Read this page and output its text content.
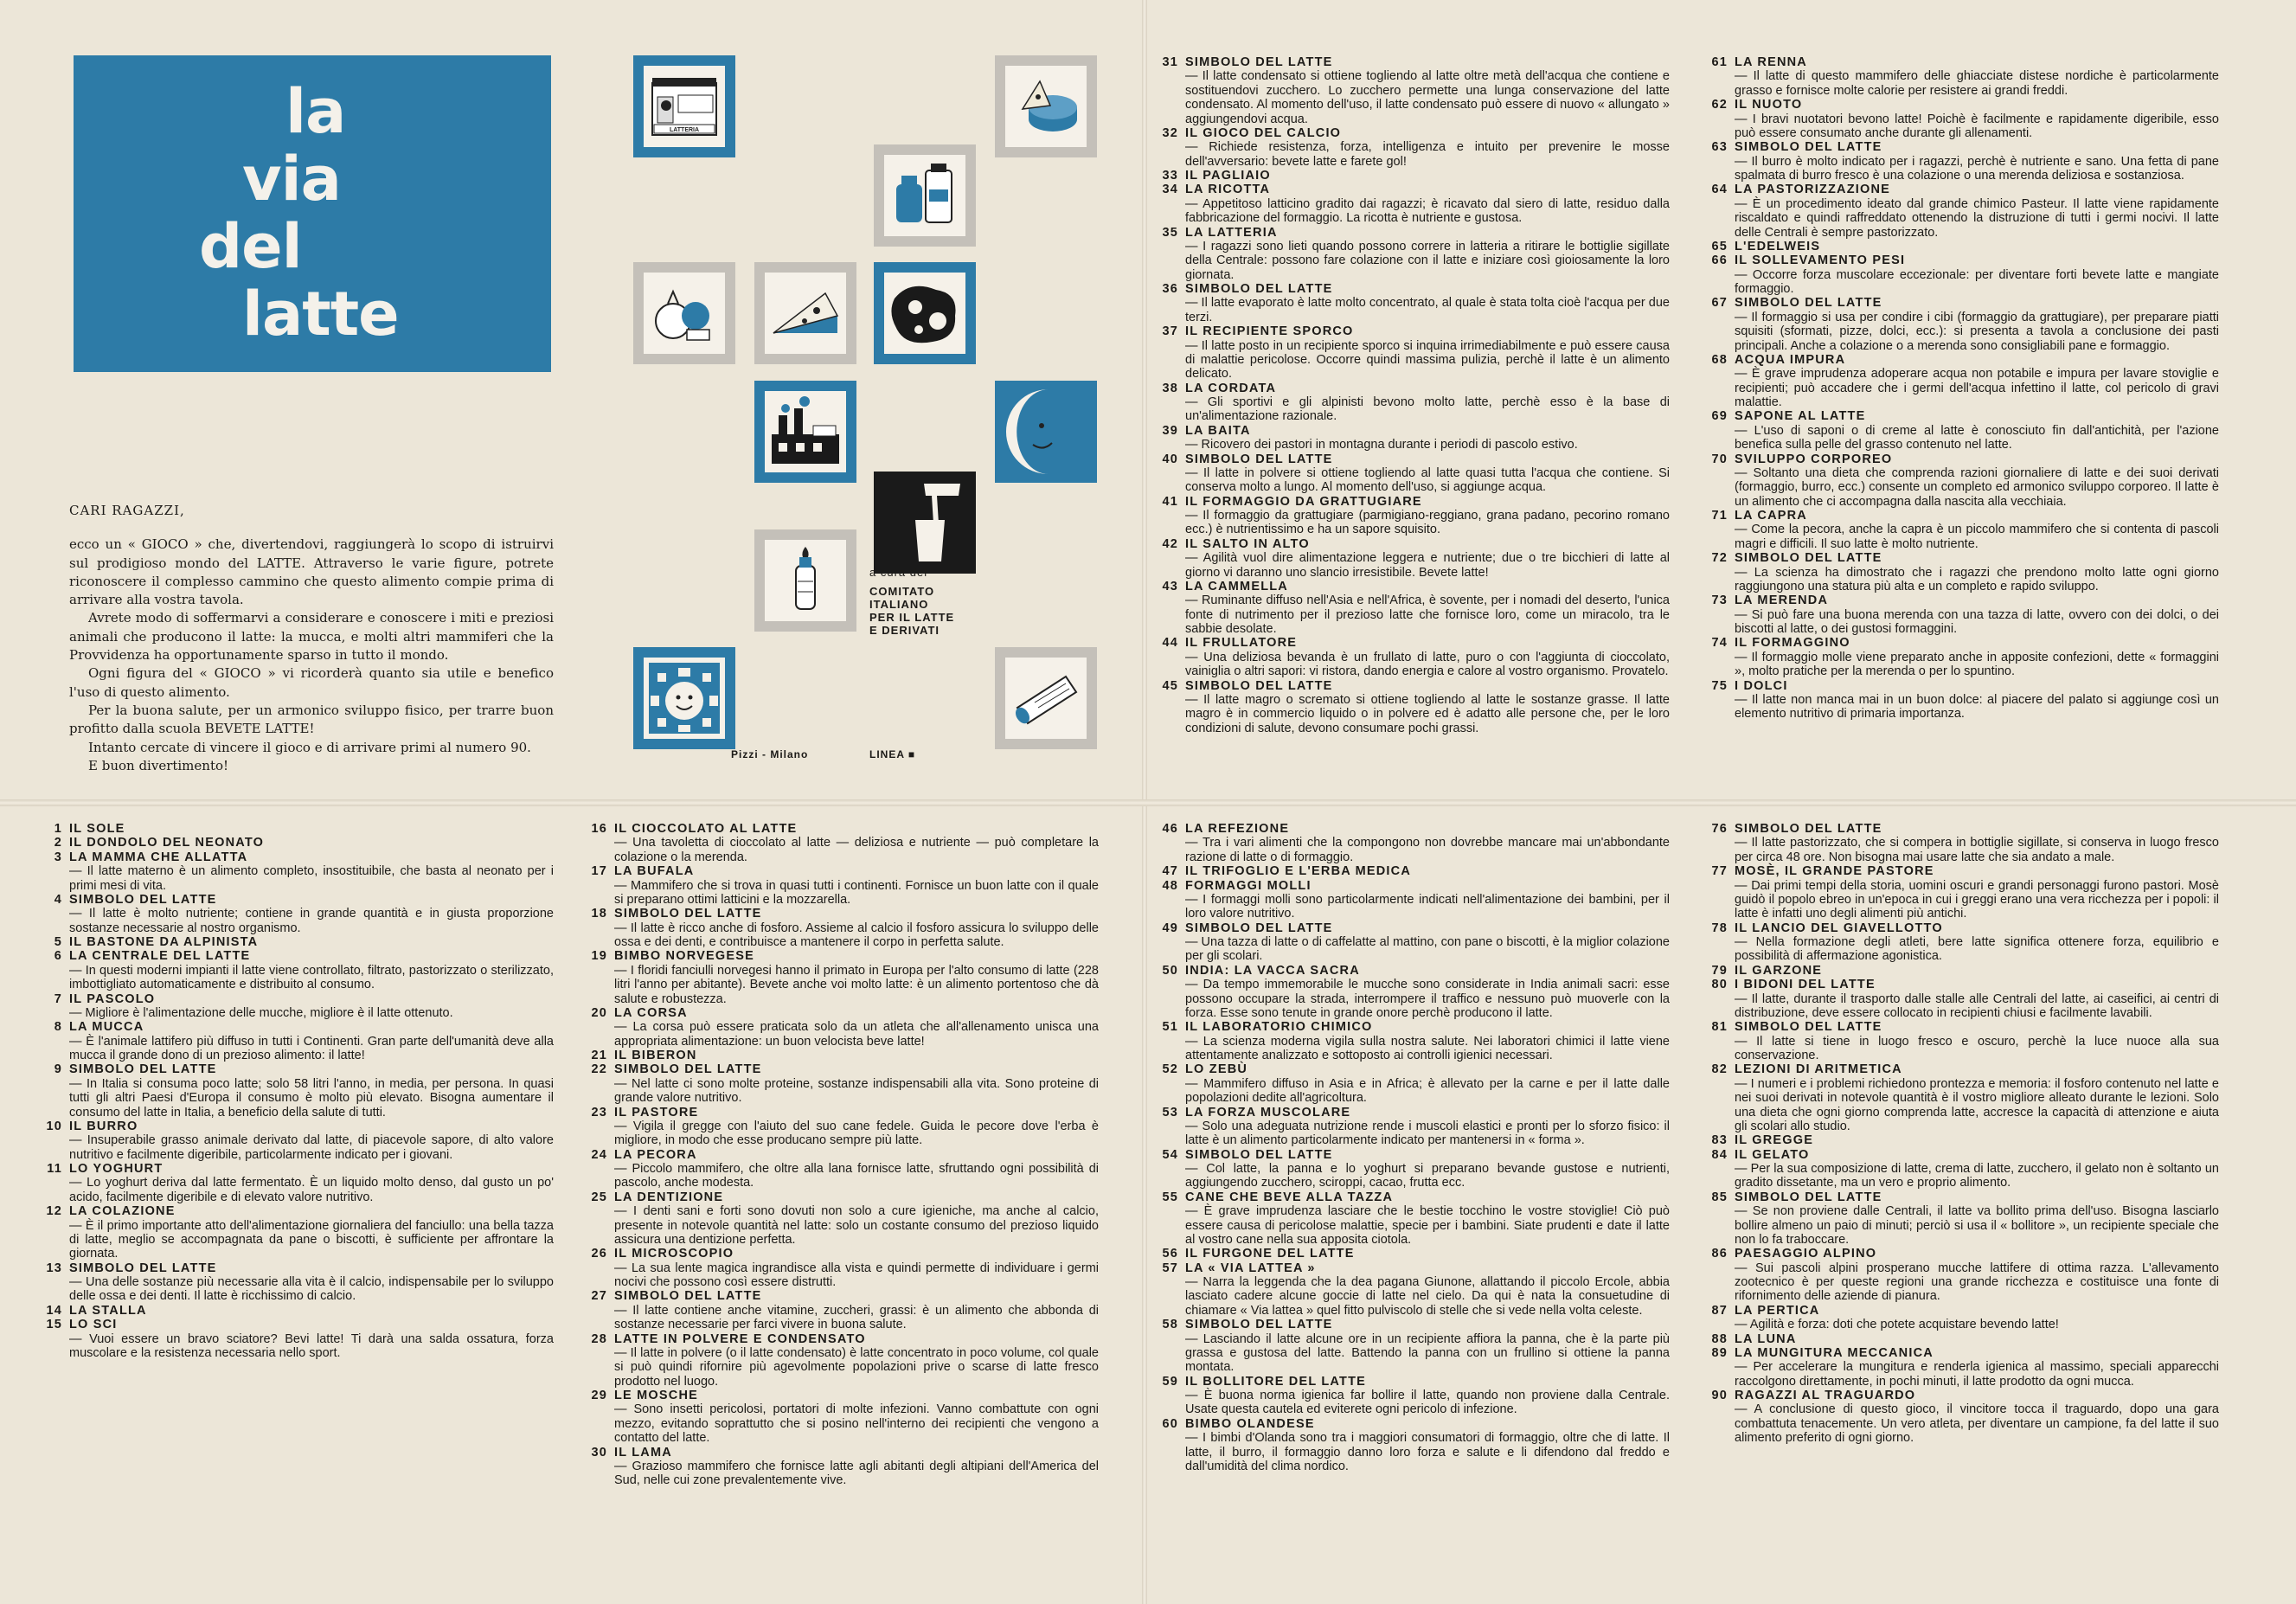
la
via
del
latte

CARI RAGAZZI,

ecco un « GIOCO » che, divertendovi, raggiungerà lo scopo di istruirvi sul prodigioso mondo del LATTE. Attraverso le varie figure, potrete riconoscere il complesso cammino che questo alimento compie prima di arrivare alla vostra tavola.

Avrete modo di soffermarvi a considerare e conoscere i miti e preziosi animali che producono il latte: la mucca, e molti altri mammiferi che la Provvidenza ha opportunamente sparso in tutto il mondo.

Ogni figura del « GIOCO » vi ricorderà quanto sia utile e benefico l'uso di questo alimento.

Per la buona salute, per un armonico sviluppo fisico, per trarre buon profitto dalla scuola BEVETE LATTE!

Intanto cercate di vincere il gioco e di arrivare primi al numero 90.

E buon divertimento!

LATTERIA
a cura del
COMITATO
ITALIANO
PER IL LATTE
E DERIVATI
Pizzi - Milano	LINEA ■
31 SIMBOLO DEL LATTE
— Il latte condensato si ottiene togliendo al latte oltre metà dell'acqua che contiene e sostituendovi zucchero. Lo zucchero permette una lunga conservazione del latte condensato. Al momento dell'uso, il latte condensato può essere di nuovo « allungato » aggiungendovi acqua.
32 IL GIOCO DEL CALCIO
— Richiede resistenza, forza, intelligenza e intuito per prevenire le mosse dell'avversario: bevete latte e farete gol!
33 IL PAGLIAIO
34 LA RICOTTA
— Appetitoso latticino gradito dai ragazzi; è ricavato dal siero di latte, residuo dalla fabbricazione del formaggio. La ricotta è nutriente e gustosa.
35 LA LATTERIA
— I ragazzi sono lieti quando possono correre in latteria a ritirare le bottiglie sigillate della Centrale: possono fare colazione con il latte e iniziare così gioiosamente la loro giornata.
36 SIMBOLO DEL LATTE
— Il latte evaporato è latte molto concentrato, al quale è stata tolta cioè l'acqua per due terzi.
37 IL RECIPIENTE SPORCO
— Il latte posto in un recipiente sporco si inquina irrimediabilmente e può essere causa di malattie pericolose. Occorre quindi massima pulizia, perchè il latte è un alimento delicato.
38 LA CORDATA
— Gli sportivi e gli alpinisti bevono molto latte, perchè esso è la base di un'alimentazione razionale.
39 LA BAITA
— Ricovero dei pastori in montagna durante i periodi di pascolo estivo.
40 SIMBOLO DEL LATTE
— Il latte in polvere si ottiene togliendo al latte quasi tutta l'acqua che contiene. Si conserva molto a lungo. Al momento dell'uso, si aggiunge acqua.
41 IL FORMAGGIO DA GRATTUGIARE
— Il formaggio da grattugiare (parmigiano-reggiano, grana padano, pecorino romano ecc.) è nutrientissimo e ha un sapore squisito.
42 IL SALTO IN ALTO
— Agilità vuol dire alimentazione leggera e nutriente; due o tre bicchieri di latte al giorno vi daranno uno slancio irresistibile. Bevete latte!
43 LA CAMMELLA
— Ruminante diffuso nell'Asia e nell'Africa, è sovente, per i nomadi del deserto, l'unica fonte di nutrimento per il prezioso latte che fornisce loro, come un miracolo, tra le sabbie desolate.
44 IL FRULLATORE
— Una deliziosa bevanda è un frullato di latte, puro o con l'aggiunta di cioccolato, vainiglia o altri sapori: vi ristora, dando energia e calore al vostro organismo. Provatelo.
45 SIMBOLO DEL LATTE
— Il latte magro o scremato si ottiene togliendo al latte le sostanze grasse. Il latte magro è in commercio liquido o in polvere ed è adatto alle persone che, per le loro condizioni di salute, devono consumare pochi grassi.
61 LA RENNA
— Il latte di questo mammifero delle ghiacciate distese nordiche è particolarmente grasso e fornisce molte calorie per resistere ai grandi freddi.
62 IL NUOTO
— I bravi nuotatori bevono latte! Poichè è facilmente e rapidamente digeribile, esso può essere consumato anche durante gli allenamenti.
63 SIMBOLO DEL LATTE
— Il burro è molto indicato per i ragazzi, perchè è nutriente e sano. Una fetta di pane spalmata di burro fresco è una colazione o una merenda deliziosa e sostanziosa.
64 LA PASTORIZZAZIONE
— È un procedimento ideato dal grande chimico Pasteur. Il latte viene rapidamente riscaldato e quindi raffreddato ottenendo la distruzione di tutti i germi nocivi. Il latte delle Centrali è sempre pastorizzato.
65 L'EDELWEIS
66 IL SOLLEVAMENTO PESI
— Occorre forza muscolare eccezionale: per diventare forti bevete latte e mangiate formaggio.
67 SIMBOLO DEL LATTE
— Il formaggio si usa per condire i cibi (formaggio da grattugiare), per preparare piatti squisiti (sformati, pizze, dolci, ecc.): si presenta a tavola a conclusione dei pasti principali. Anche a colazione o a merenda sono consigliabili pane e formaggio.
68 ACQUA IMPURA
— È grave imprudenza adoperare acqua non potabile e impura per lavare stoviglie e recipienti; può accadere che i germi dell'acqua infettino il latte, col pericolo di gravi malattie.
69 SAPONE AL LATTE
— L'uso di saponi o di creme al latte è conosciuto fin dall'antichità, per l'azione benefica sulla pelle del grasso contenuto nel latte.
70 SVILUPPO CORPOREO
— Soltanto una dieta che comprenda razioni giornaliere di latte e dei suoi derivati (formaggio, burro, ecc.) consente un completo ed armonico sviluppo corporeo. Il latte è un alimento che ci accompagna dalla nascita alla vecchiaia.
71 LA CAPRA
— Come la pecora, anche la capra è un piccolo mammifero che si contenta di pascoli magri e difficili. Il suo latte è molto nutriente.
72 SIMBOLO DEL LATTE
— La scienza ha dimostrato che i ragazzi che prendono molto latte ogni giorno raggiungono una statura più alta e un completo e rapido sviluppo.
73 LA MERENDA
— Si può fare una buona merenda con una tazza di latte, ovvero con dei dolci, o dei biscotti al latte, o dei gustosi formaggini.
74 IL FORMAGGINO
— Il formaggio molle viene preparato anche in apposite confezioni, dette « formaggini », molto pratiche per la merenda o per lo spuntino.
75 I DOLCI
— Il latte non manca mai in un buon dolce: al piacere del palato si aggiunge così un elemento nutritivo di primaria importanza.
1 IL SOLE
2 IL DONDOLO DEL NEONATO
3 LA MAMMA CHE ALLATTA
— Il latte materno è un alimento completo, insostituibile, che basta al neonato per i primi mesi di vita.
4 SIMBOLO DEL LATTE
— Il latte è molto nutriente; contiene in grande quantità e in giusta proporzione sostanze necessarie al nostro organismo.
5 IL BASTONE DA ALPINISTA
6 LA CENTRALE DEL LATTE
— In questi moderni impianti il latte viene controllato, filtrato, pastorizzato o sterilizzato, imbottigliato automaticamente e distribuito al consumo.
7 IL PASCOLO
— Migliore è l'alimentazione delle mucche, migliore è il latte ottenuto.
8 LA MUCCA
— È l'animale lattifero più diffuso in tutti i Continenti. Gran parte dell'umanità deve alla mucca il grande dono di un prezioso alimento: il latte!
9 SIMBOLO DEL LATTE
— In Italia si consuma poco latte; solo 58 litri l'anno, in media, per persona. In quasi tutti gli altri Paesi d'Europa il consumo è molto più elevato. Bisogna aumentare il consumo del latte in Italia, a beneficio della salute di tutti.
10 IL BURRO
— Insuperabile grasso animale derivato dal latte, di piacevole sapore, di alto valore nutritivo e facilmente digeribile, particolarmente indicato per i giovani.
11 LO YOGHURT
— Lo yoghurt deriva dal latte fermentato. È un liquido molto denso, dal gusto un po' acido, facilmente digeribile e di elevato valore nutritivo.
12 LA COLAZIONE
— È il primo importante atto dell'alimentazione giornaliera del fanciullo: una bella tazza di latte, meglio se accompagnata da pane o biscotti, è sufficiente per affrontare la giornata.
13 SIMBOLO DEL LATTE
— Una delle sostanze più necessarie alla vita è il calcio, indispensabile per lo sviluppo delle ossa e dei denti. Il latte è ricchissimo di calcio.
14 LA STALLA
15 LO SCI
— Vuoi essere un bravo sciatore? Bevi latte! Ti darà una salda ossatura, forza muscolare e la resistenza necessaria nello sport.
16 IL CIOCCOLATO AL LATTE
— Una tavoletta di cioccolato al latte — deliziosa e nutriente — può completare la colazione o la merenda.
17 LA BUFALA
— Mammifero che si trova in quasi tutti i continenti. Fornisce un buon latte con il quale si preparano ottimi latticini e la mozzarella.
18 SIMBOLO DEL LATTE
— Il latte è ricco anche di fosforo. Assieme al calcio il fosforo assicura lo sviluppo delle ossa e dei denti, e contribuisce a mantenere il corpo in perfetta salute.
19 BIMBO NORVEGESE
— I floridi fanciulli norvegesi hanno il primato in Europa per l'alto consumo di latte (228 litri l'anno per abitante). Bevete anche voi molto latte: è un alimento portentoso che dà salute e robustezza.
20 LA CORSA
— La corsa può essere praticata solo da un atleta che all'allenamento unisca una appropriata alimentazione: un buon velocista beve latte!
21 IL BIBERON
22 SIMBOLO DEL LATTE
— Nel latte ci sono molte proteine, sostanze indispensabili alla vita. Sono proteine di grande valore nutritivo.
23 IL PASTORE
— Vigila il gregge con l'aiuto del suo cane fedele. Guida le pecore dove l'erba è migliore, in modo che esse producano sempre più latte.
24 LA PECORA
— Piccolo mammifero, che oltre alla lana fornisce latte, sfruttando ogni possibilità di pascolo, anche modesta.
25 LA DENTIZIONE
— I denti sani e forti sono dovuti non solo a cure igieniche, ma anche al calcio, presente in notevole quantità nel latte: solo un costante consumo del prezioso liquido assicura una dentizione perfetta.
26 IL MICROSCOPIO
— La sua lente magica ingrandisce alla vista e quindi permette di individuare i germi nocivi che possono così essere distrutti.
27 SIMBOLO DEL LATTE
— Il latte contiene anche vitamine, zuccheri, grassi: è un alimento che abbonda di sostanze necessarie per farci vivere in buona salute.
28 LATTE IN POLVERE E CONDENSATO
— Il latte in polvere (o il latte condensato) è latte concentrato in poco volume, col quale si può quindi rifornire più agevolmente popolazioni prive o scarse di latte fresco prodotto nel luogo.
29 LE MOSCHE
— Sono insetti pericolosi, portatori di molte infezioni. Vanno combattute con ogni mezzo, evitando soprattutto che si posino nell'interno dei recipienti che vengono a contatto del latte.
30 IL LAMA
— Grazioso mammifero che fornisce latte agli abitanti degli altipiani dell'America del Sud, nelle cui zone prevalentemente vive.
46 LA REFEZIONE
— Tra i vari alimenti che la compongono non dovrebbe mancare mai un'abbondante razione di latte o di formaggio.
47 IL TRIFOGLIO E L'ERBA MEDICA
48 FORMAGGI MOLLI
— I formaggi molli sono particolarmente indicati nell'alimentazione dei bambini, per il loro valore nutritivo.
49 SIMBOLO DEL LATTE
— Una tazza di latte o di caffelatte al mattino, con pane o biscotti, è la miglior colazione per gli scolari.
50 INDIA: LA VACCA SACRA
— Da tempo immemorabile le mucche sono considerate in India animali sacri: esse possono occupare la strada, interrompere il traffico e nessuno può muoverle con la forza. Esse sono tenute in grande onore perchè producono il latte.
51 IL LABORATORIO CHIMICO
— La scienza moderna vigila sulla nostra salute. Nei laboratori chimici il latte viene attentamente analizzato e sottoposto ai controlli igienici necessari.
52 LO ZEBÙ
— Mammifero diffuso in Asia e in Africa; è allevato per la carne e per il latte dalle popolazioni dedite all'agricoltura.
53 LA FORZA MUSCOLARE
— Solo una adeguata nutrizione rende i muscoli elastici e pronti per lo sforzo fisico: il latte è un alimento particolarmente indicato per mantenersi in « forma ».
54 SIMBOLO DEL LATTE
— Col latte, la panna e lo yoghurt si preparano bevande gustose e nutrienti, aggiungendo zucchero, sciroppi, cacao, frutta ecc.
55 CANE CHE BEVE ALLA TAZZA
— È grave imprudenza lasciare che le bestie tocchino le vostre stoviglie! Ciò può essere causa di pericolose malattie, specie per i bambini. Siate prudenti e date il latte al vostro cane nella sua apposita ciotola.
56 IL FURGONE DEL LATTE
57 LA « VIA LATTEA »
— Narra la leggenda che la dea pagana Giunone, allattando il piccolo Ercole, abbia lasciato cadere alcune goccie di latte nel cielo. Da qui è nata la consuetudine di chiamare « Via lattea » quel fitto pulviscolo di stelle che si vede nella volta celeste.
58 SIMBOLO DEL LATTE
— Lasciando il latte alcune ore in un recipiente affiora la panna, che è la parte più grassa e gustosa del latte. Battendo la panna con un frullino si ottiene la panna montata.
59 IL BOLLITORE DEL LATTE
— È buona norma igienica far bollire il latte, quando non proviene dalla Centrale. Usate questa cautela ed eviterete ogni pericolo di infezione.
60 BIMBO OLANDESE
— I bimbi d'Olanda sono tra i maggiori consumatori di formaggio, oltre che di latte. Il latte, il burro, il formaggio danno loro forza e salute e li difendono dal freddo e dall'umidità del clima nordico.
76 SIMBOLO DEL LATTE
— Il latte pastorizzato, che si compera in bottiglie sigillate, si conserva in luogo fresco per circa 48 ore. Non bisogna mai usare latte che sia andato a male.
77 MOSÈ, IL GRANDE PASTORE
— Dai primi tempi della storia, uomini oscuri e grandi personaggi furono pastori. Mosè guidò il popolo ebreo in un'epoca in cui i greggi erano una vera ricchezza per i popoli: il latte è infatti uno degli alimenti più antichi.
78 IL LANCIO DEL GIAVELLOTTO
— Nella formazione degli atleti, bere latte significa ottenere forza, equilibrio e possibilità di affermazione agonistica.
79 IL GARZONE
80 I BIDONI DEL LATTE
— Il latte, durante il trasporto dalle stalle alle Centrali del latte, ai caseifici, ai centri di distribuzione, deve essere collocato in recipienti chiusi e facilmente lavabili.
81 SIMBOLO DEL LATTE
— Il latte si tiene in luogo fresco e oscuro, perchè la luce nuoce alla sua conservazione.
82 LEZIONI DI ARITMETICA
— I numeri e i problemi richiedono prontezza e memoria: il fosforo contenuto nel latte e nei suoi derivati in notevole quantità è il vostro migliore alleato durante le lezioni. Solo una dieta che ogni giorno comprenda latte, accresce la capacità di attenzione e aiuta gli scolari allo studio.
83 IL GREGGE
84 IL GELATO
— Per la sua composizione di latte, crema di latte, zucchero, il gelato non è soltanto un gradito dissetante, ma un vero e proprio alimento.
85 SIMBOLO DEL LATTE
— Se non proviene dalle Centrali, il latte va bollito prima dell'uso. Bisogna lasciarlo bollire almeno un paio di minuti; perciò si usa il « bollitore », un recipiente speciale che non lo fa traboccare.
86 PAESAGGIO ALPINO
— Sui pascoli alpini prosperano mucche lattifere di ottima razza. L'allevamento zootecnico è per queste regioni una grande ricchezza e costituisce una fonte di rifornimento delle aziende di pianura.
87 LA PERTICA
— Agilità e forza: doti che potete acquistare bevendo latte!
88 LA LUNA
89 LA MUNGITURA MECCANICA
— Per accelerare la mungitura e renderla igienica al massimo, speciali apparecchi raccolgono direttamente, in pochi minuti, il latte prodotto da ogni mucca.
90 RAGAZZI AL TRAGUARDO
— A conclusione di questo gioco, il vincitore tocca il traguardo, dopo una gara combattuta tenacemente. Un vero atleta, per diventare un campione, fa del latte il suo alimento preferito di ogni giorno.
